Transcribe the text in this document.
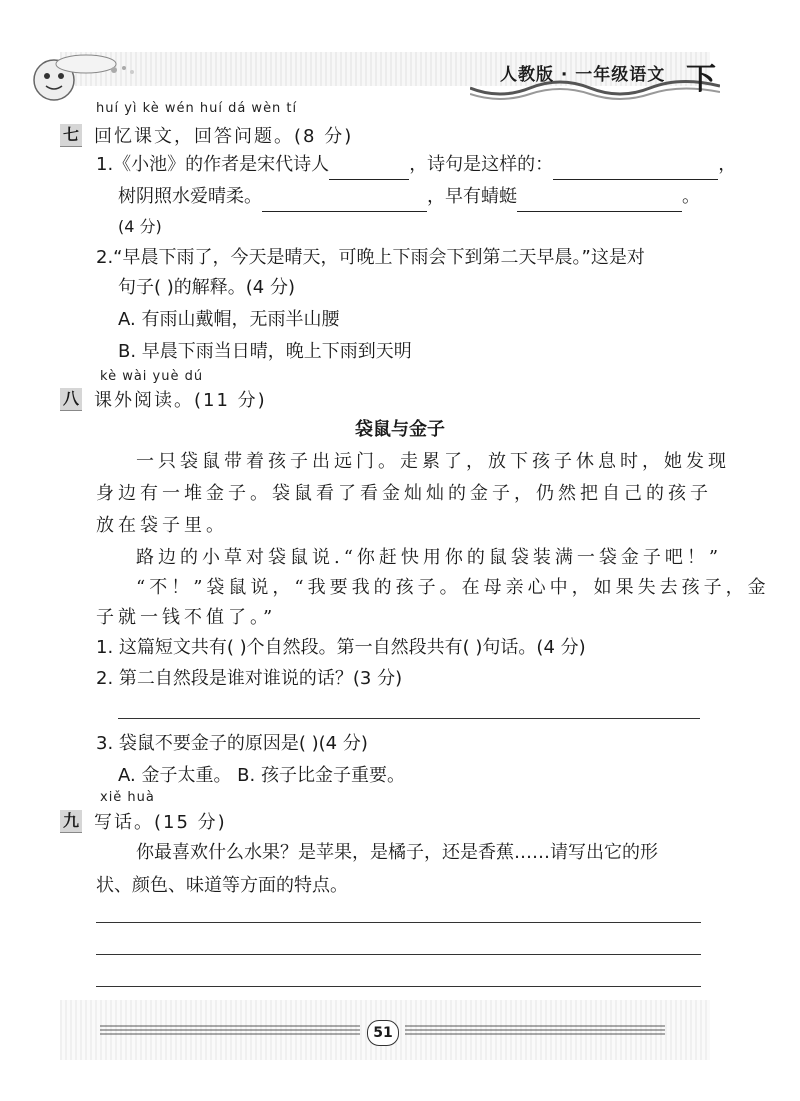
人教版 · 一年级语文 下
huí yì kè wén huí dá wèn tí
七 回忆课文，回答问题。(8 分)
1.《小池》的作者是宋代诗人	，诗句是这样的：	，
树阴照水爱晴柔。	，早有蜻蜓	。
(4 分)
2.“早晨下雨了，今天是晴天，可晚上下雨会下到第二天早晨。”这是对
句子( )的解释。(4 分)
A. 有雨山戴帽，无雨半山腰
B. 早晨下雨当日晴，晚上下雨到天明
kè wài yuè dú
八 课外阅读。(11 分)
袋鼠与金子
一只袋鼠带着孩子出远门。走累了，放下孩子休息时，她发现
身边有一堆金子。袋鼠看了看金灿灿的金子，仍然把自己的孩子
放在袋子里。
路边的小草对袋鼠说.“你赶快用你的鼠袋装满一袋金子吧！”
“不！”袋鼠说，“我要我的孩子。在母亲心中，如果失去孩子，金
子就一钱不值了。”
1. 这篇短文共有( )个自然段。第一自然段共有( )句话。(4 分)
2. 第二自然段是谁对谁说的话？(3 分)
3. 袋鼠不要金子的原因是( )(4 分)
A. 金子太重。 B. 孩子比金子重要。
xiě huà
九 写话。(15 分)
你最喜欢什么水果？是苹果，是橘子，还是香蕉……请写出它的形
状、颜色、味道等方面的特点。
51
